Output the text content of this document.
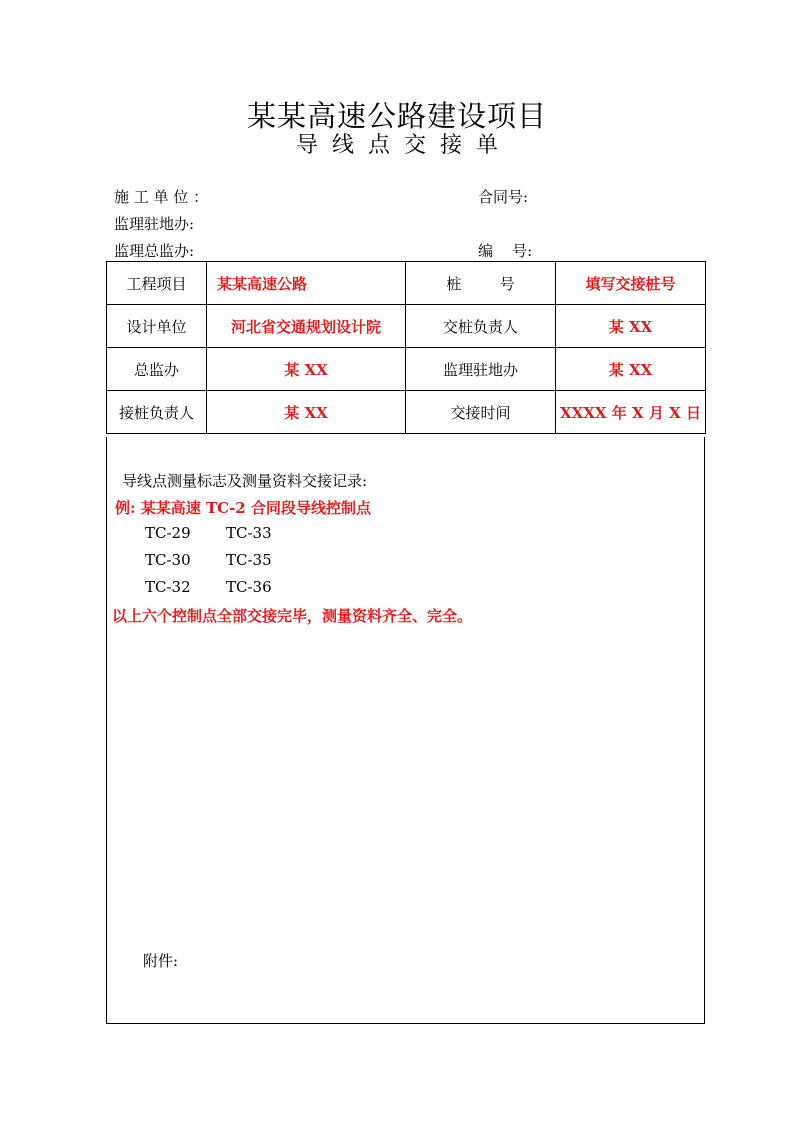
某某高速公路建设项目
导线点交接单
施 工 单 位 ：	合同号:
监理驻地办:
监理总监办:	编    号:
工程项目	某某高速公路	桩        号	填写交接桩号
设计单位	河北省交通规划设计院	交桩负责人	某 XX
总监办	某 XX	监理驻地办	某 XX
接桩负责人	某 XX	交接时间	XXXX 年 X 月 X 日
导线点测量标志及测量资料交接记录:
例: 某某高速 TC-2 合同段导线控制点
TC-29 TC-33
TC-30 TC-35
TC-32 TC-36
以上六个控制点全部交接完毕，测量资料齐全、完全。
附件:
